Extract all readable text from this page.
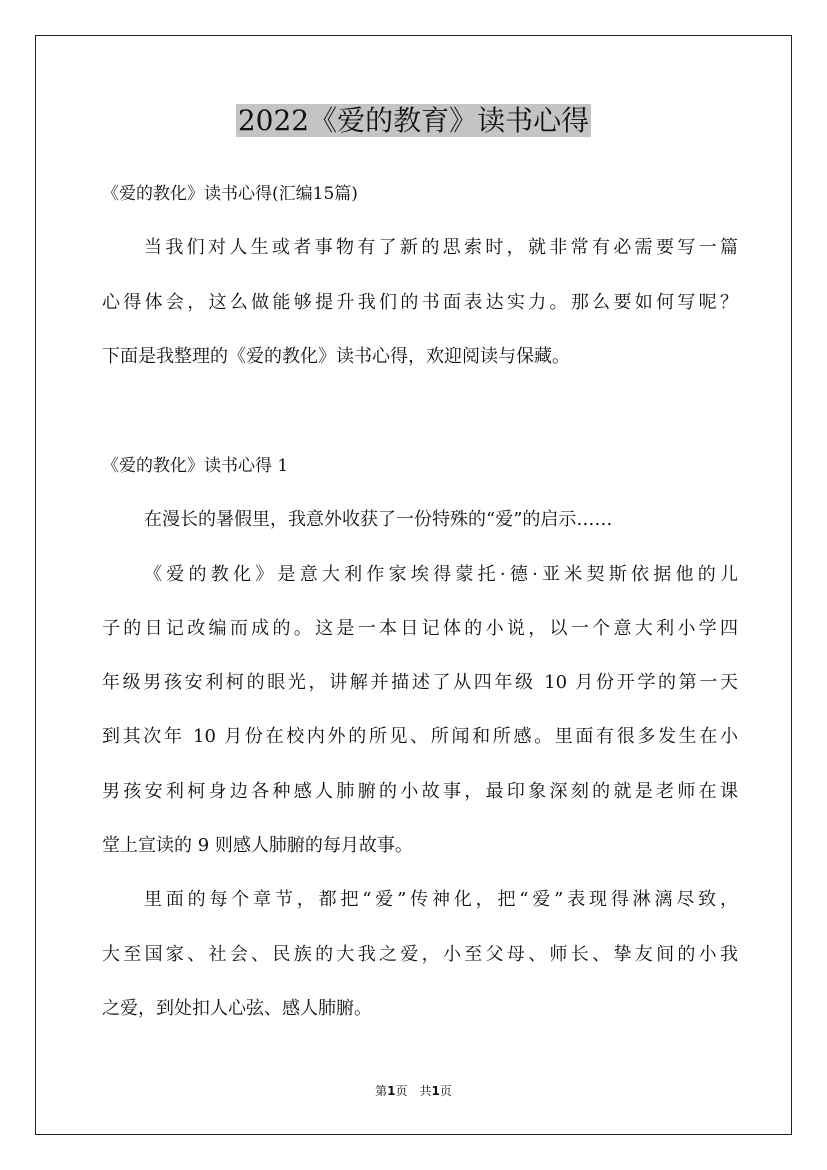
2022《爱的教育》读书心得
《爱的教化》读书心得(汇编15篇)
当我们对人生或者事物有了新的思索时，就非常有必需要写一篇
心得体会，这么做能够提升我们的书面表达实力。那么要如何写呢？
下面是我整理的《爱的教化》读书心得，欢迎阅读与保藏。
《爱的教化》读书心得 1
在漫长的暑假里，我意外收获了一份特殊的“爱”的启示……
《爱的教化》是意大利作家埃得蒙托·德·亚米契斯依据他的儿
子的日记改编而成的。这是一本日记体的小说，以一个意大利小学四
年级男孩安利柯的眼光，讲解并描述了从四年级 10 月份开学的第一天
到其次年 10 月份在校内外的所见、所闻和所感。里面有很多发生在小
男孩安利柯身边各种感人肺腑的小故事，最印象深刻的就是老师在课
堂上宣读的 9 则感人肺腑的每月故事。
里面的每个章节，都把“爱”传神化，把“爱”表现得淋漓尽致，
大至国家、社会、民族的大我之爱，小至父母、师长、挚友间的小我
之爱，到处扣人心弦、感人肺腑。
第1页　共1页
